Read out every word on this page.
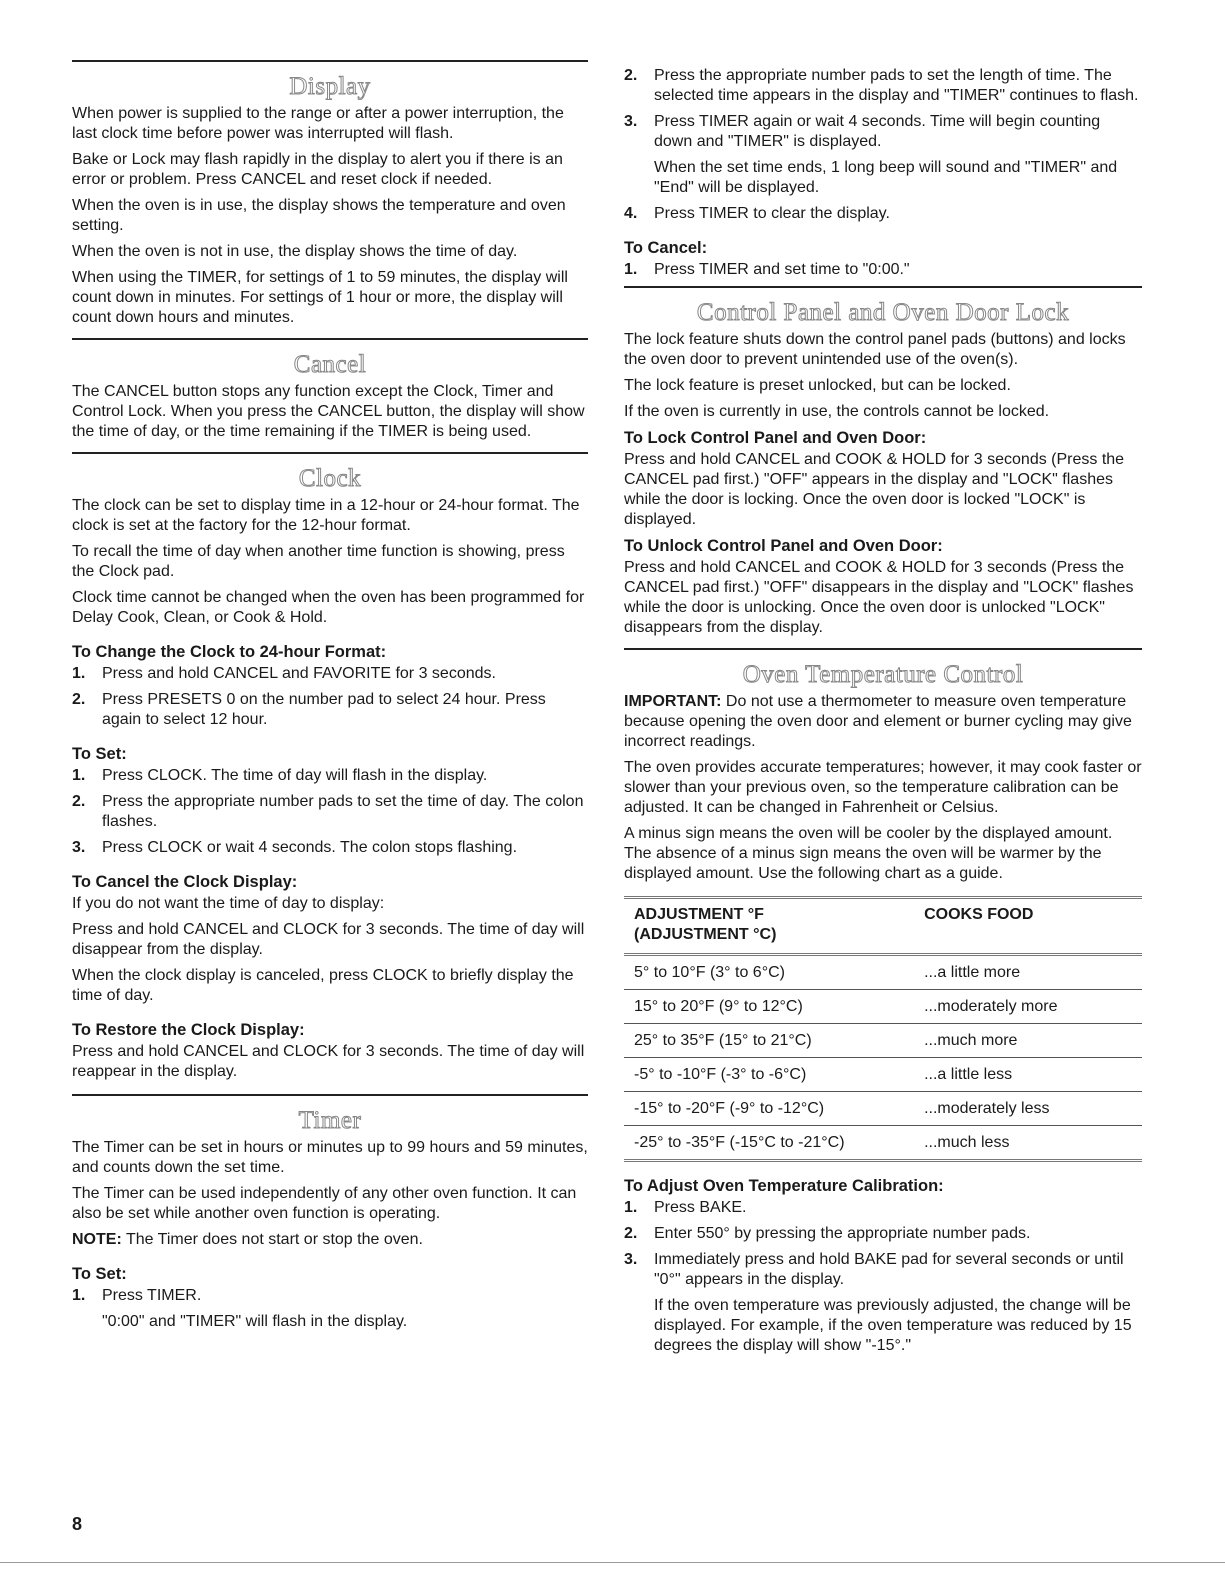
Display

When power is supplied to the range or after a power interruption, the last clock time before power was interrupted will flash.

Bake or Lock may flash rapidly in the display to alert you if there is an error or problem. Press CANCEL and reset clock if needed.

When the oven is in use, the display shows the temperature and oven setting.

When the oven is not in use, the display shows the time of day.

When using the TIMER, for settings of 1 to 59 minutes, the display will count down in minutes. For settings of 1 hour or more, the display will count down hours and minutes.

Cancel

The CANCEL button stops any function except the Clock, Timer and Control Lock. When you press the CANCEL button, the display will show the time of day, or the time remaining if the TIMER is being used.

Clock

The clock can be set to display time in a 12-hour or 24-hour format. The clock is set at the factory for the 12-hour format.

To recall the time of day when another time function is showing, press the Clock pad.

Clock time cannot be changed when the oven has been programmed for Delay Cook, Clean, or Cook & Hold.

To Change the Clock to 24-hour Format:
1. Press and hold CANCEL and FAVORITE for 3 seconds.
2. Press PRESETS 0 on the number pad to select 24 hour. Press again to select 12 hour.
To Set:
1. Press CLOCK. The time of day will flash in the display.
2. Press the appropriate number pads to set the time of day. The colon flashes.
3. Press CLOCK or wait 4 seconds. The colon stops flashing.
To Cancel the Clock Display:

If you do not want the time of day to display:

Press and hold CANCEL and CLOCK for 3 seconds. The time of day will disappear from the display.

When the clock display is canceled, press CLOCK to briefly display the time of day.

To Restore the Clock Display:

Press and hold CANCEL and CLOCK for 3 seconds. The time of day will reappear in the display.

Timer

The Timer can be set in hours or minutes up to 99 hours and 59 minutes, and counts down the set time.

The Timer can be used independently of any other oven function. It can also be set while another oven function is operating.

NOTE: The Timer does not start or stop the oven.

To Set:
1. Press TIMER.

"0:00" and "TIMER" will flash in the display.

2. Press the appropriate number pads to set the length of time. The selected time appears in the display and "TIMER" continues to flash.
3. Press TIMER again or wait 4 seconds. Time will begin counting down and "TIMER" is displayed.

When the set time ends, 1 long beep will sound and "TIMER" and "End" will be displayed.

4. Press TIMER to clear the display.
To Cancel:
1. Press TIMER and set time to "0:00."
Control Panel and Oven Door Lock

The lock feature shuts down the control panel pads (buttons) and locks the oven door to prevent unintended use of the oven(s).

The lock feature is preset unlocked, but can be locked.

If the oven is currently in use, the controls cannot be locked.

To Lock Control Panel and Oven Door:

Press and hold CANCEL and COOK & HOLD for 3 seconds (Press the CANCEL pad first.) "OFF" appears in the display and "LOCK" flashes while the door is locking. Once the oven door is locked "LOCK" is displayed.

To Unlock Control Panel and Oven Door:

Press and hold CANCEL and COOK & HOLD for 3 seconds (Press the CANCEL pad first.) "OFF" disappears in the display and "LOCK" flashes while the door is unlocking. Once the oven door is unlocked "LOCK" disappears from the display.

Oven Temperature Control

IMPORTANT: Do not use a thermometer to measure oven temperature because opening the oven door and element or burner cycling may give incorrect readings.

The oven provides accurate temperatures; however, it may cook faster or slower than your previous oven, so the temperature calibration can be adjusted. It can be changed in Fahrenheit or Celsius.

A minus sign means the oven will be cooler by the displayed amount. The absence of a minus sign means the oven will be warmer by the displayed amount. Use the following chart as a guide.

ADJUSTMENT °F
(ADJUSTMENT °C)	COOKS FOOD
5° to 10°F (3° to 6°C)	...a little more
15° to 20°F (9° to 12°C)	...moderately more
25° to 35°F (15° to 21°C)	...much more
-5° to -10°F (-3° to -6°C)	...a little less
-15° to -20°F (-9° to -12°C)	...moderately less
-25° to -35°F (-15°C to -21°C)	...much less
To Adjust Oven Temperature Calibration:
1. Press BAKE.
2. Enter 550° by pressing the appropriate number pads.
3. Immediately press and hold BAKE pad for several seconds or until "0°" appears in the display.

If the oven temperature was previously adjusted, the change will be displayed. For example, if the oven temperature was reduced by 15 degrees the display will show "-15°."

8
